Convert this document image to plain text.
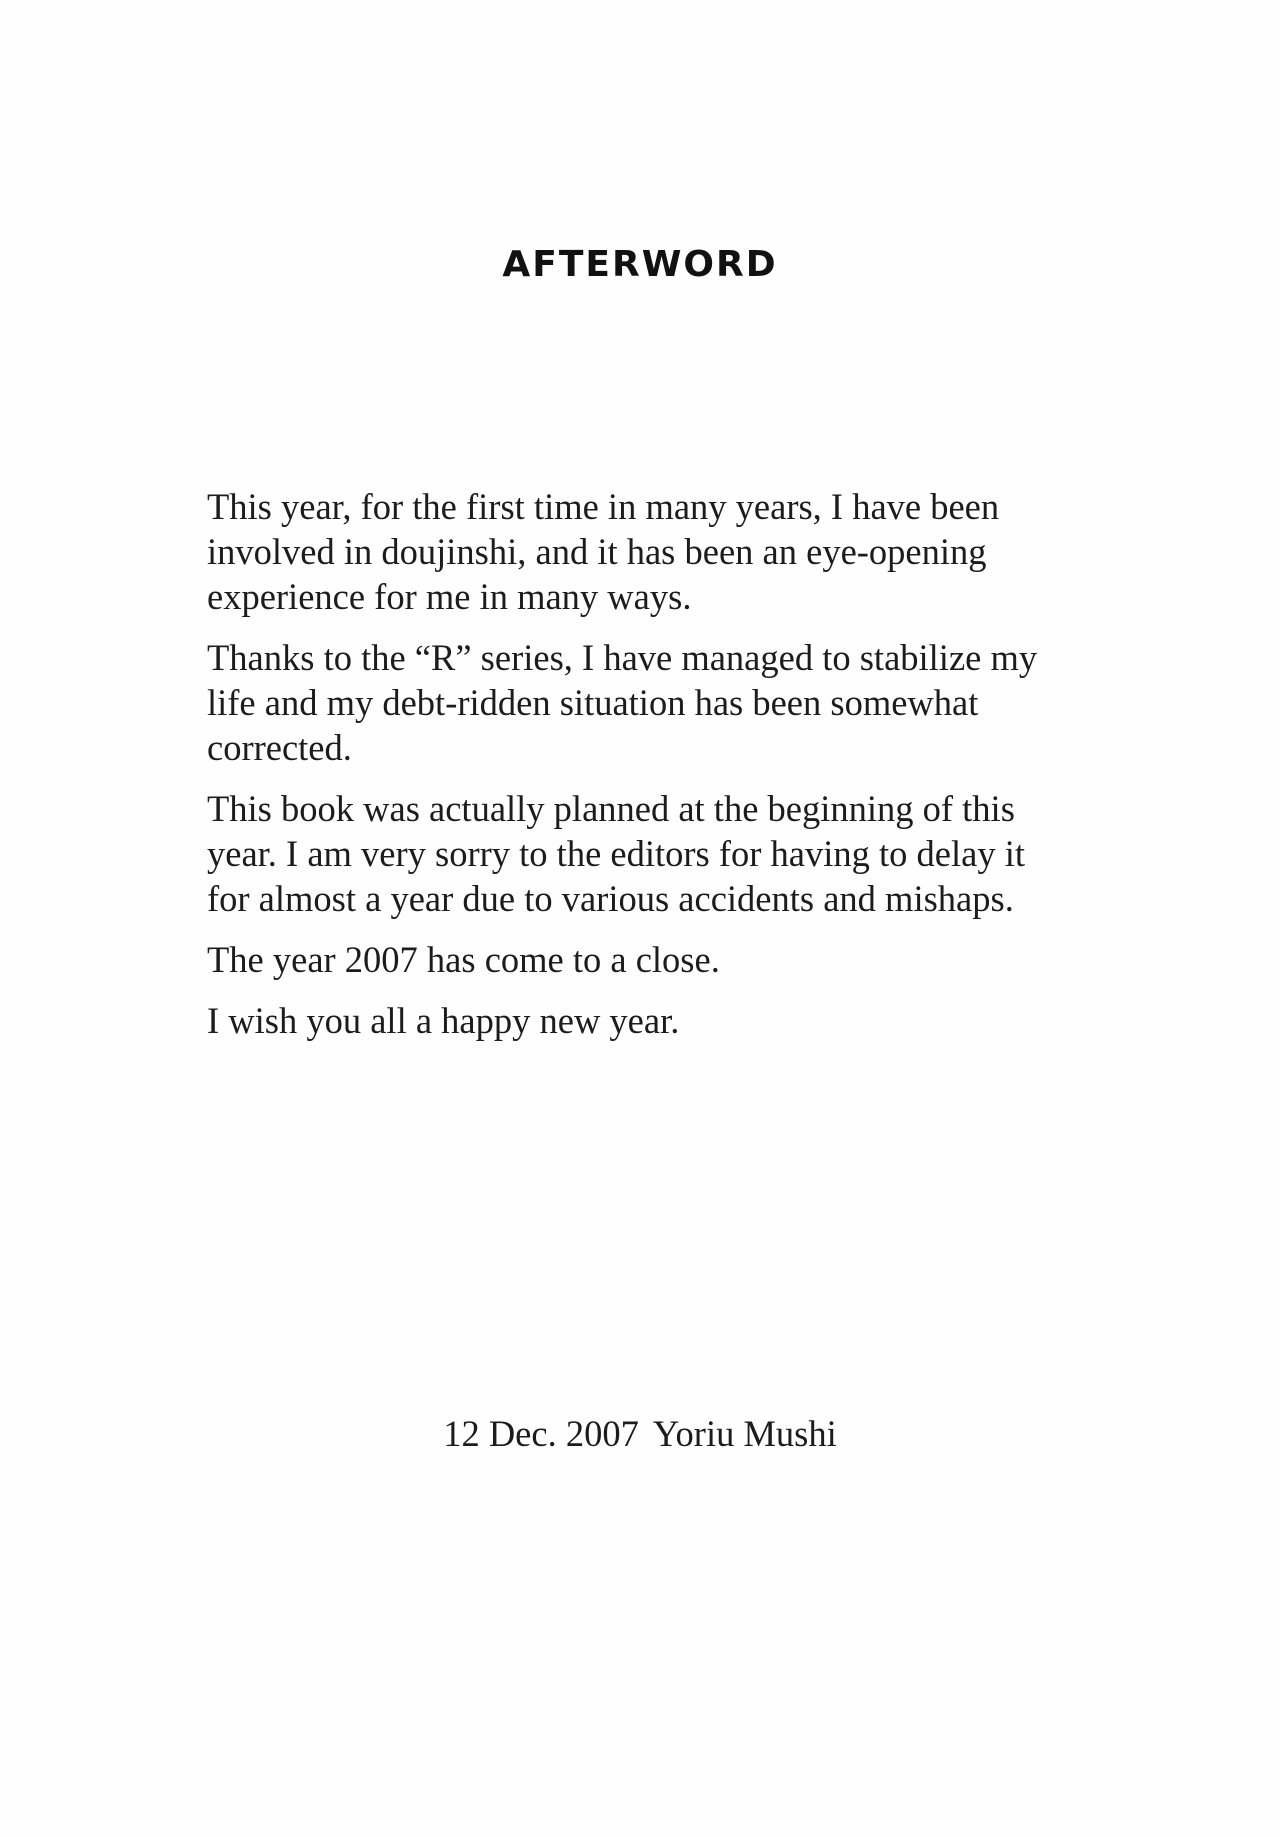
AFTERWORD

This year, for the first time in many years, I have been involved in doujinshi, and it has been an eye-opening experience for me in many ways.

Thanks to the “R” series, I have managed to stabilize my life and my debt-ridden situation has been somewhat corrected.

This book was actually planned at the beginning of this year. I am very sorry to the editors for having to delay it for almost a year due to various accidents and mishaps.

The year 2007 has come to a close.

I wish you all a happy new year.

12 Dec. 2007 Yoriu Mushi
